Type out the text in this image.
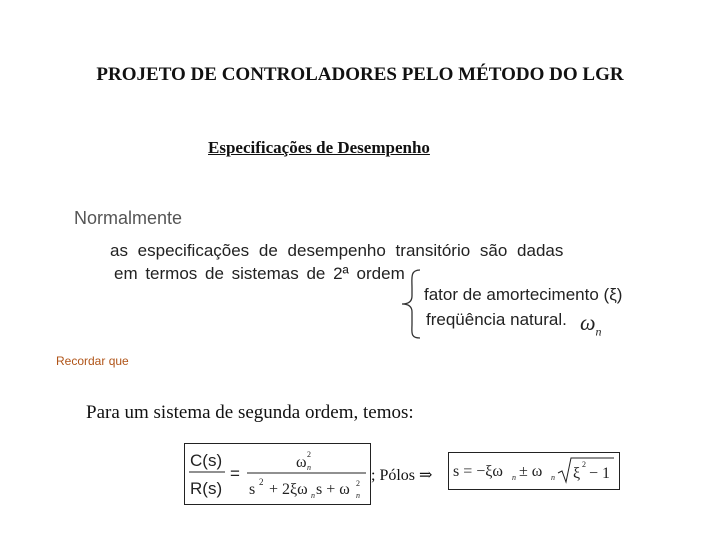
PROJETO DE CONTROLADORES PELO MÉTODO DO LGR
Especificações de Desempenho
Normalmente
as especificações de desempenho transitório são dadas
em termos de sistemas de 2ª ordem
fator de amortecimento (ξ)
freqüência natural. $\omega_n$
Recordar que
Para um sistema de segunda ordem, temos:
C(s)
R(s)
=
ω 2
n
s 2 + 2ξω n s + ω 2
n
; Pólos ⇒ s = −ξω n ± ω n ξ
2
− 1
